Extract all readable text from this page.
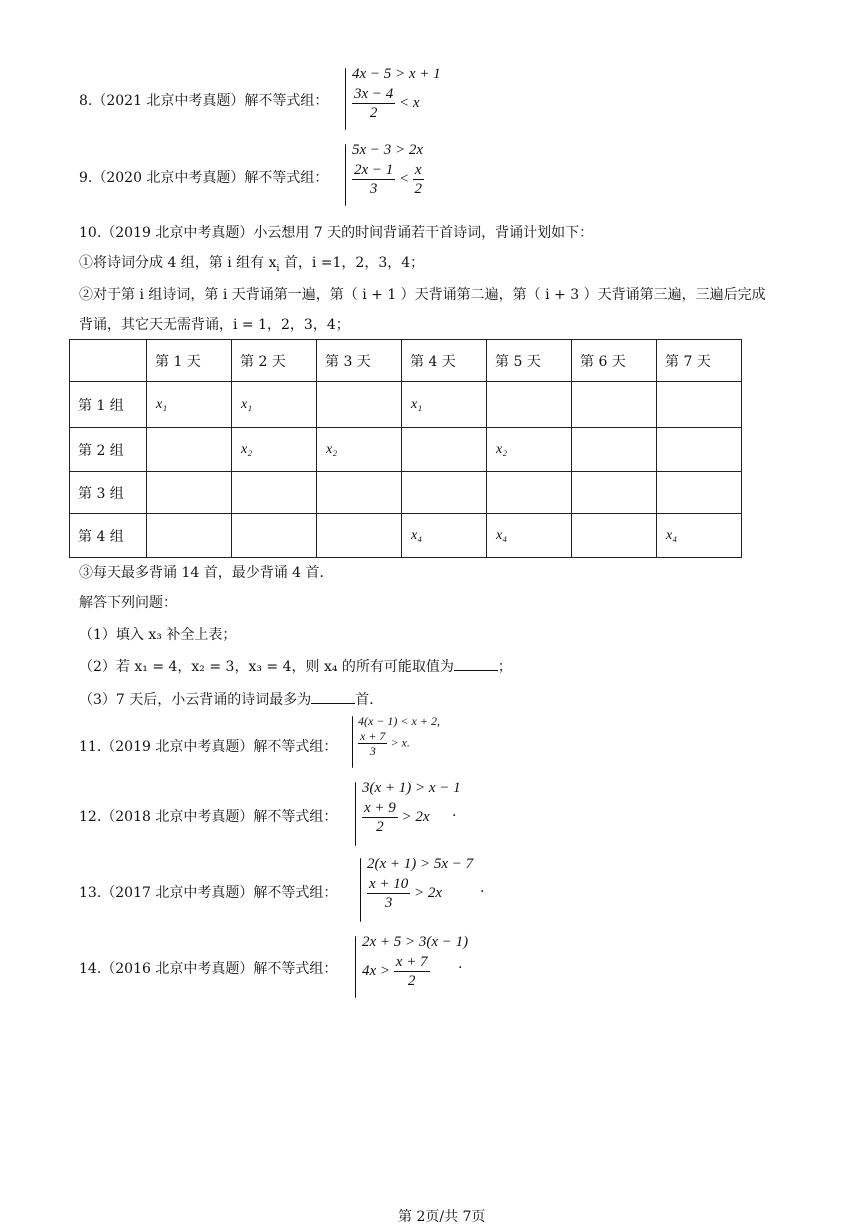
8.（2021 北京中考真题）解不等式组：
4x − 5 > x + 1
$\frac{3x - 4}{2} < x$
9.（2020 北京中考真题）解不等式组：
5x − 3 > 2x
$\frac{2x - 1}{3} < \frac{x}{2}$
10.（2019 北京中考真题）小云想用 7 天的时间背诵若干首诗词，背诵计划如下：
①将诗词分成 4 组，第 i 组有 $x_i$ 首，i =1，2，3，4；
②对于第 i 组诗词，第 i 天背诵第一遍，第（ i + 1 ）天背诵第二遍，第（ i + 3 ）天背诵第三遍，三遍后完成
背诵，其它天无需背诵，i = 1，2，3，4；
	第 1 天	第 2 天	第 3 天	第 4 天	第 5 天	第 6 天	第 7 天
第 1 组	x₁	x₁		x₁			
第 2 组		x₂	x₂		x₂		
第 3 组							
第 4 组				x₄	x₄		x₄
③每天最多背诵 14 首，最少背诵 4 首．
解答下列问题：
（1）填入 x₃ 补全上表；
（2）若 x₁ = 4，x₂ = 3，x₃ = 4，则 x₄ 的所有可能取值为	；
（3）7 天后，小云背诵的诗词最多为	首．
11.（2019 北京中考真题）解不等式组：
4(x − 1) < x + 2,
$\frac{x + 7}{3} > x$.
12.（2018 北京中考真题）解不等式组：
3(x + 1) > x − 1
$\frac{x + 9}{2} > 2x$	.
13.（2017 北京中考真题）解不等式组：
2(x + 1) > 5x − 7
$\frac{x + 10}{3} > 2x$	.
14.（2016 北京中考真题）解不等式组：
2x + 5 > 3(x − 1)
$4x > \frac{x + 7}{2}$ .
第 2页/共 7页
